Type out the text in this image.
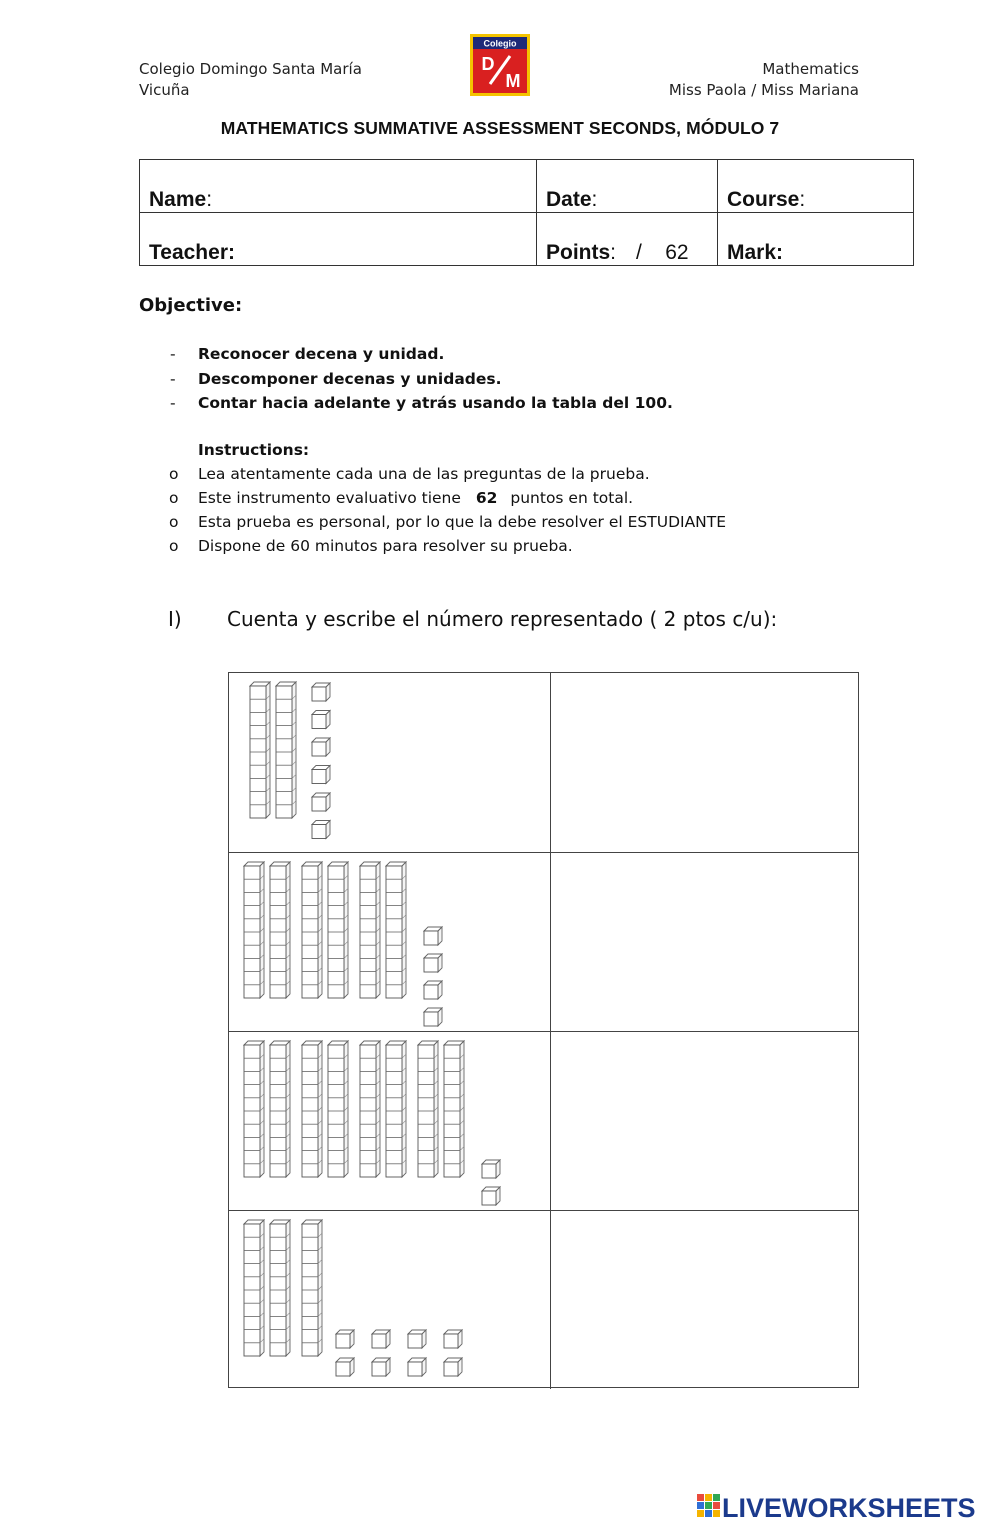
Colegio Domingo Santa María
Vicuña
Mathematics
Miss Paola / Miss Mariana
Colegio
D
M
MATHEMATICS SUMMATIVE ASSESSMENT SECONDS, MÓDULO 7
Name:	Date:	Course:
Teacher:	Points: /    62	Mark:
Objective:
- Reconocer decena y unidad.
- Descomponer decenas y unidades.
- Contar hacia adelante y atrás usando la tabla del 100.
Instructions:
o Lea atentamente cada una de las preguntas de la prueba.
o Este instrumento evaluativo tiene 62 puntos en total.
o Esta prueba es personal, por lo que la debe resolver el ESTUDIANTE
o Dispone de 60 minutos para resolver su prueba.
I) Cuenta y escribe el número representado ( 2 ptos c/u):
LIVEWORKSHEETS
